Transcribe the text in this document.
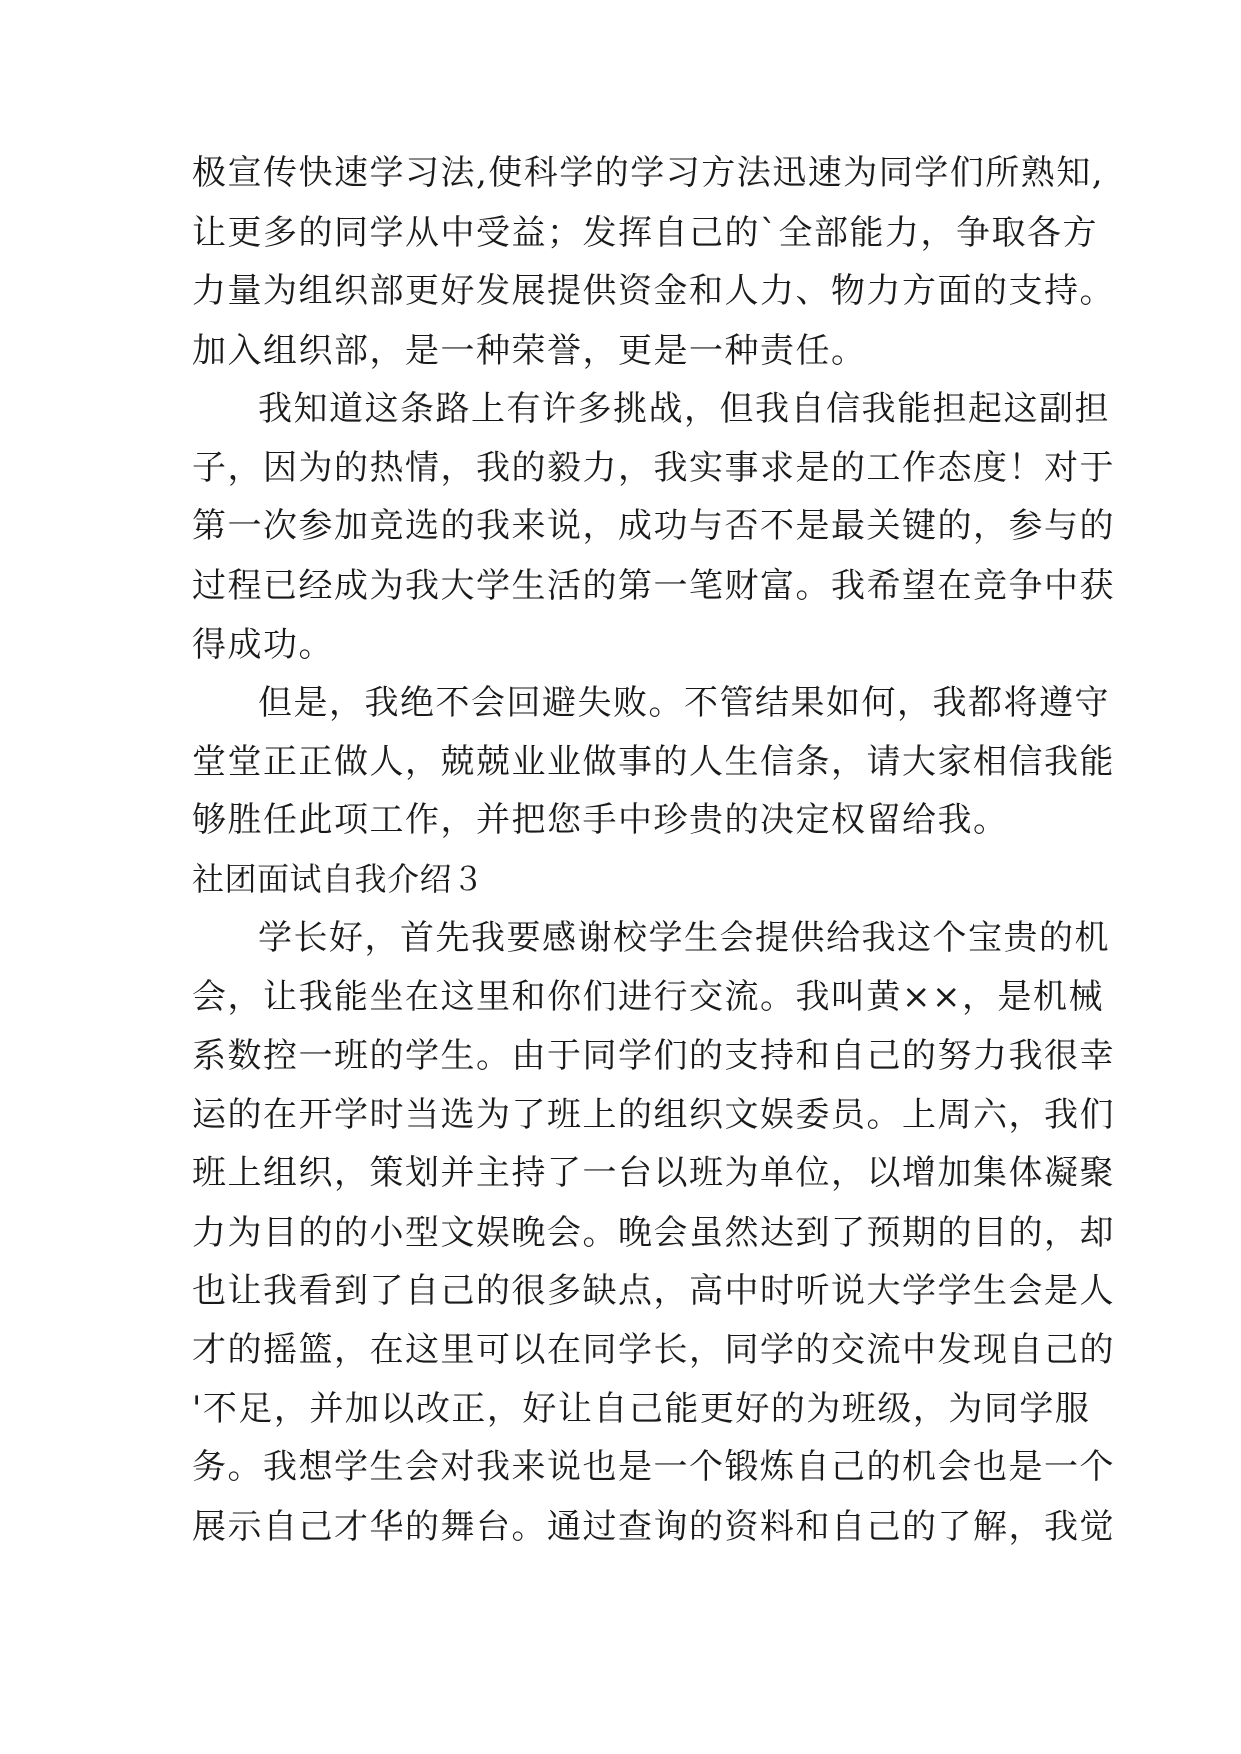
极宣传快速学习法,使科学的学习方法迅速为同学们所熟知,
让更多的同学从中受益；发挥自己的`全部能力，争取各方
力量为组织部更好发展提供资金和人力、物力方面的支持。
加入组织部，是一种荣誉，更是一种责任。
我知道这条路上有许多挑战，但我自信我能担起这副担
子，因为的热情，我的毅力，我实事求是的工作态度！对于
第一次参加竞选的我来说，成功与否不是最关键的，参与的
过程已经成为我大学生活的第一笔财富。我希望在竞争中获
得成功。
但是，我绝不会回避失败。不管结果如何，我都将遵守
堂堂正正做人，兢兢业业做事的人生信条，请大家相信我能
够胜任此项工作，并把您手中珍贵的决定权留给我。
社团面试自我介绍３
学长好，首先我要感谢校学生会提供给我这个宝贵的机
会，让我能坐在这里和你们进行交流。我叫黄××，是机械
系数控一班的学生。由于同学们的支持和自己的努力我很幸
运的在开学时当选为了班上的组织文娱委员。上周六，我们
班上组织，策划并主持了一台以班为单位，以增加集体凝聚
力为目的的小型文娱晚会。晚会虽然达到了预期的目的，却
也让我看到了自己的很多缺点，高中时听说大学学生会是人
才的摇篮，在这里可以在同学长，同学的交流中发现自己的
'不足，并加以改正，好让自己能更好的为班级，为同学服
务。我想学生会对我来说也是一个锻炼自己的机会也是一个
展示自己才华的舞台。通过查询的资料和自己的了解，我觉
